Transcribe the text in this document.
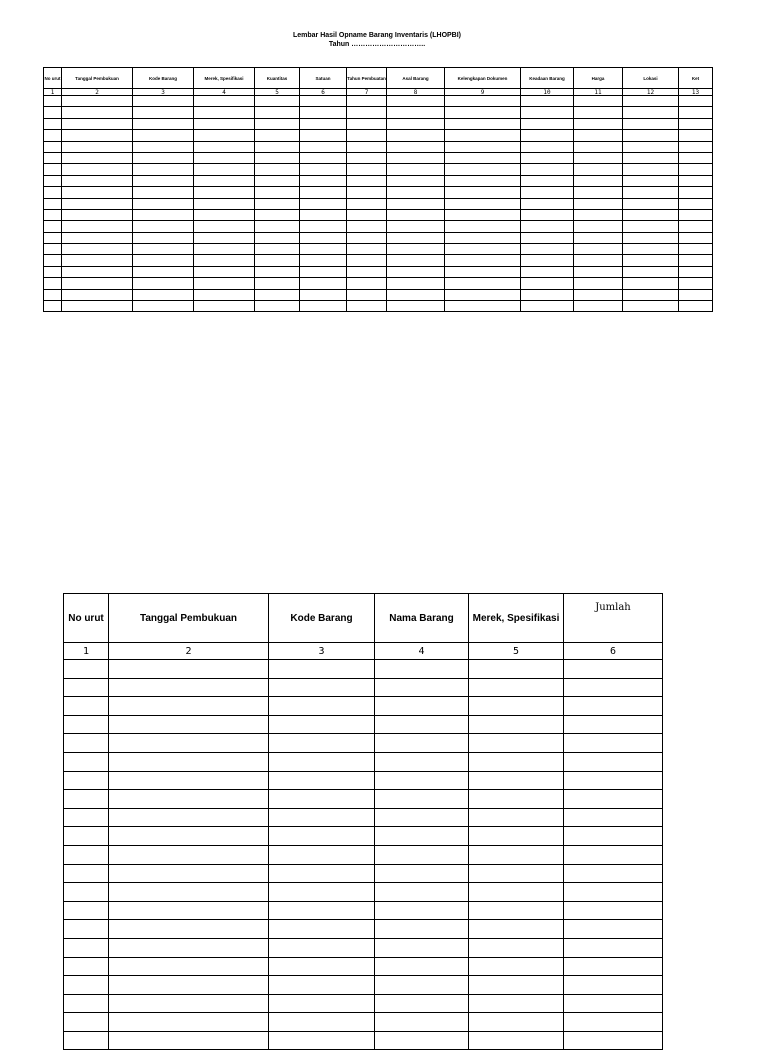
Lembar Hasil Opname Barang Inventaris (LHOPBI)
Tahun …………………………..
No urut	Tanggal Pembukuan	Kode Barang	Merek, Spesifikasi	Kuantitas	Satuan	Tahun Pembuatan	Asal Barang	Kelengkapan Dokumen	Keadaan Barang	Harga	Lokasi	Ket
1	2	3	4	5	6	7	8	9	10	11	12	13

No urut	Tanggal Pembukuan	Kode Barang	Nama Barang	Merek, Spesifikasi	Jumlah
1	2	3	4	5	6
